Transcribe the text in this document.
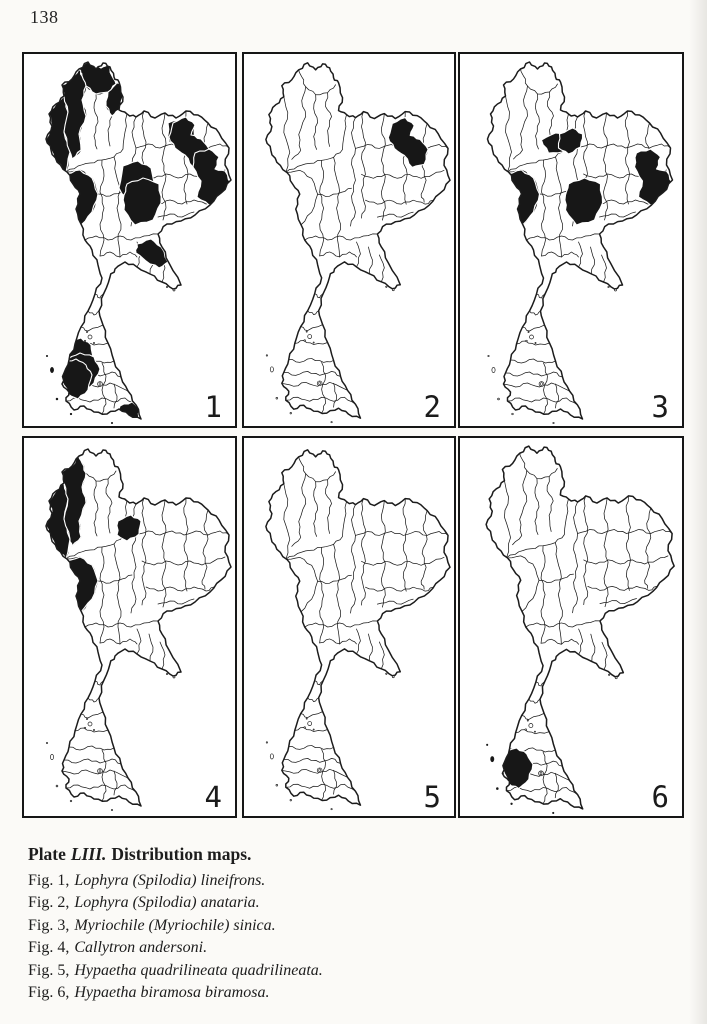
138
1	2	3
4	5	6
Plate LIII. Distribution maps.
Fig. 1, Lophyra (Spilodia) lineifrons.
Fig. 2, Lophyra (Spilodia) anataria.
Fig. 3, Myriochile (Myriochile) sinica.
Fig. 4, Callytron andersoni.
Fig. 5, Hypaetha quadrilineata quadrilineata.
Fig. 6, Hypaetha biramosa biramosa.
